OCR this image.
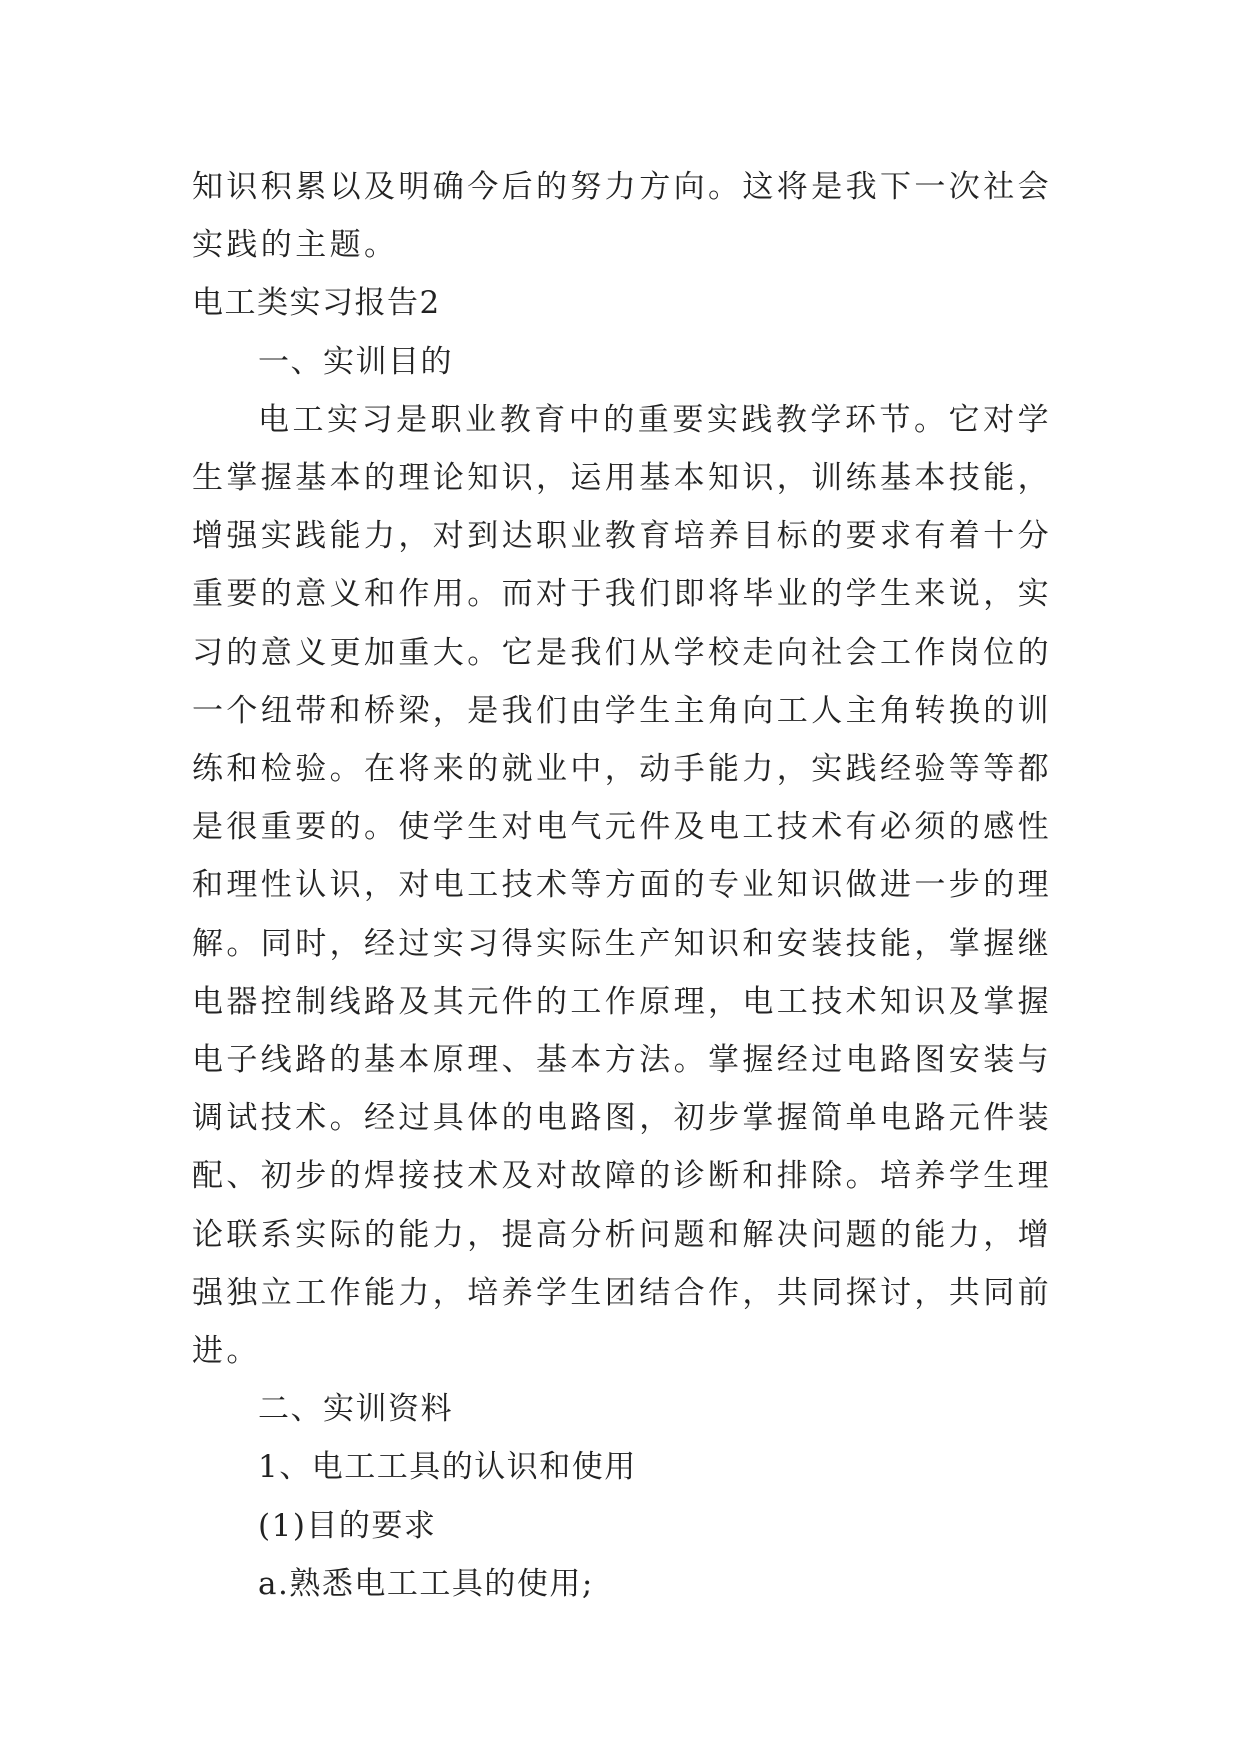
知识积累以及明确今后的努力方向。这将是我下一次社会实践的主题。

电工类实习报告2

一、实训目的

电工实习是职业教育中的重要实践教学环节。它对学生掌握基本的理论知识，运用基本知识，训练基本技能，增强实践能力，对到达职业教育培养目标的要求有着十分重要的意义和作用。而对于我们即将毕业的学生来说，实习的意义更加重大。它是我们从学校走向社会工作岗位的一个纽带和桥梁，是我们由学生主角向工人主角转换的训练和检验。在将来的就业中，动手能力，实践经验等等都是很重要的。使学生对电气元件及电工技术有必须的感性和理性认识，对电工技术等方面的专业知识做进一步的理解。同时，经过实习得实际生产知识和安装技能，掌握继电器控制线路及其元件的工作原理，电工技术知识及掌握电子线路的基本原理、基本方法。掌握经过电路图安装与调试技术。经过具体的电路图，初步掌握简单电路元件装配、初步的焊接技术及对故障的诊断和排除。培养学生理论联系实际的能力，提高分析问题和解决问题的能力，增强独立工作能力，培养学生团结合作，共同探讨，共同前进。

二、实训资料

1、电工工具的认识和使用

(1)目的要求

a.熟悉电工工具的使用;
